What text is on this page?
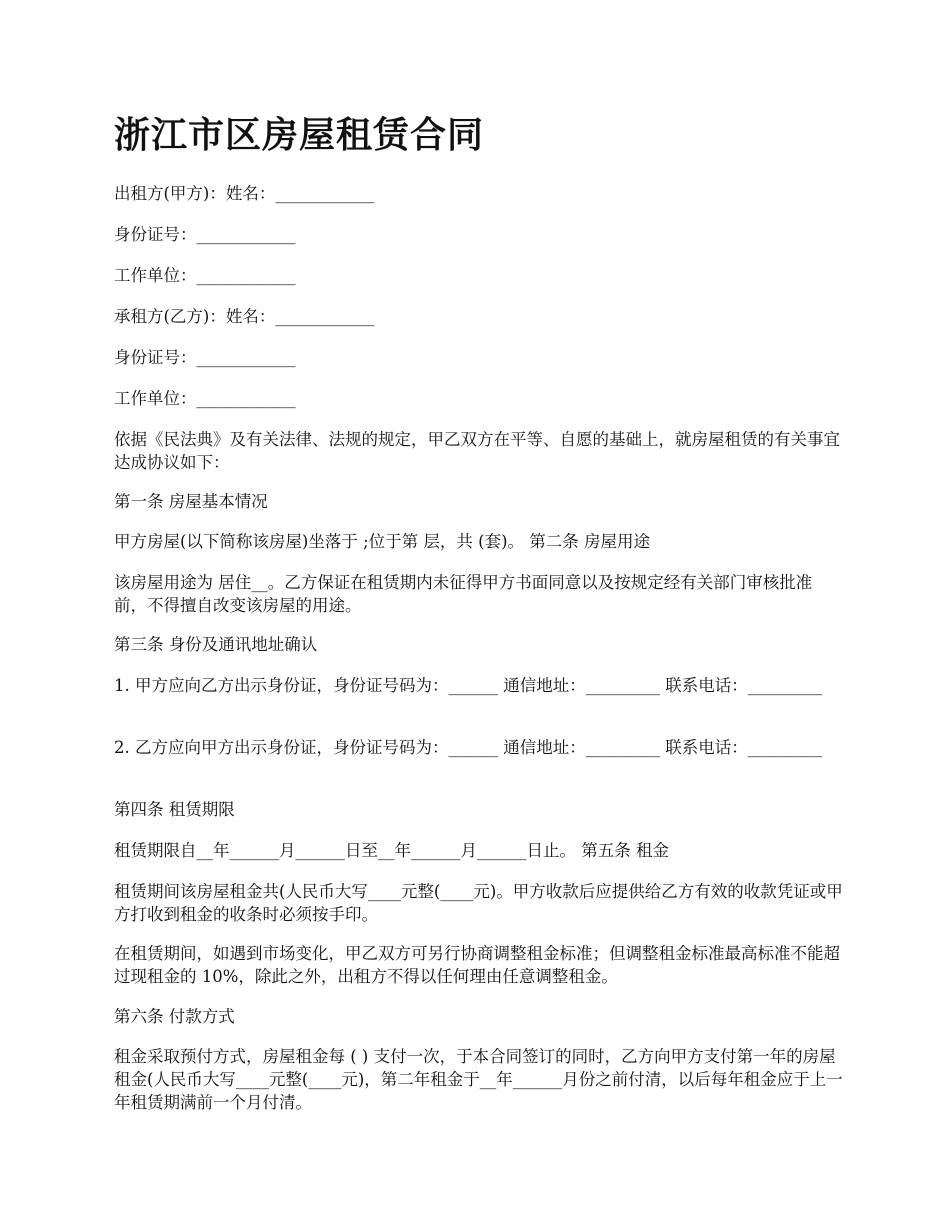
浙江市区房屋租赁合同

出租方(甲方)：姓名：____________

身份证号：____________

工作单位：____________

承租方(乙方)：姓名：____________

身份证号：____________

工作单位：____________

依据《民法典》及有关法律、法规的规定，甲乙双方在平等、自愿的基础上，就房屋租赁的有关事宜达成协议如下：

第一条 房屋基本情况

甲方房屋(以下简称该房屋)坐落于 ;位于第 层，共 (套)。 第二条 房屋用途

该房屋用途为 居住__。乙方保证在租赁期内未征得甲方书面同意以及按规定经有关部门审核批准前，不得擅自改变该房屋的用途。

第三条 身份及通讯地址确认

1. 甲方应向乙方出示身份证，身份证号码为：______ 通信地址：_________ 联系电话：_________

2. 乙方应向甲方出示身份证，身份证号码为：______ 通信地址：_________ 联系电话：_________

第四条 租赁期限

租赁期限自__年______月______日至__年______月______日止。 第五条 租金

租赁期间该房屋租金共(人民币大写____元整(____元)。甲方收款后应提供给乙方有效的收款凭证或甲方打收到租金的收条时必须按手印。

在租赁期间，如遇到市场变化，甲乙双方可另行协商调整租金标准；但调整租金标准最高标准不能超过现租金的 10%，除此之外，出租方不得以任何理由任意调整租金。

第六条 付款方式

租金采取预付方式，房屋租金每 ( ) 支付一次，于本合同签订的同时，乙方向甲方支付第一年的房屋租金(人民币大写____元整(____元)，第二年租金于__年______月份之前付清，以后每年租金应于上一年租赁期满前一个月付清。
